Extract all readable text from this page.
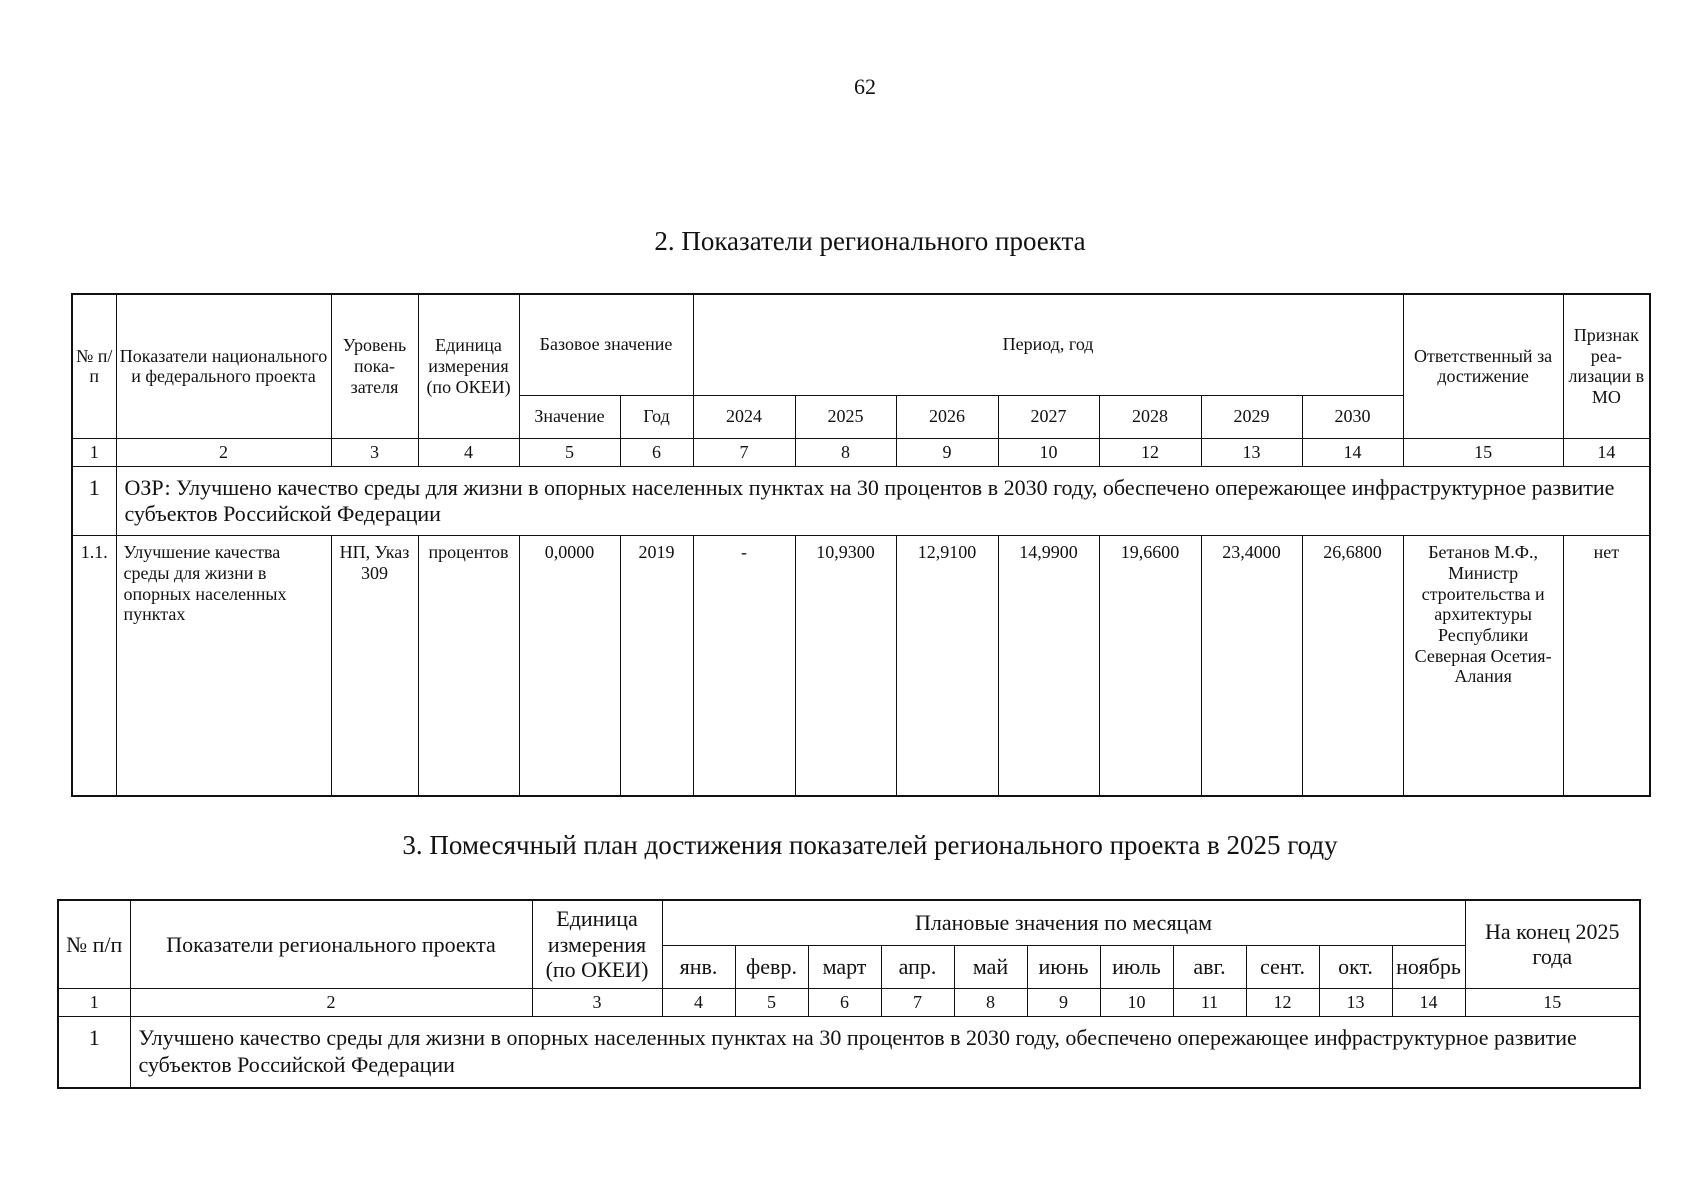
62
2. Показатели регионального проекта
№ п/п	Показатели национального и федерального проекта	Уровень пока-зателя	Единица измерения (по ОКЕИ)	Базовое значение		Период, год							Ответственный за достижение	Признак реа-лизации в МО
				Значение	Год	2024	2025	2026	2027	2028	2029	2030		
1	2	3	4	5	6	7	8	9	10	12	13	14	15	14
1	ОЗР: Улучшено качество среды для жизни в опорных населенных пунктах на 30 процентов в 2030 году, обеспечено опережающее инфраструктурное развитие субъектов Российской Федерации													
1.1.	Улучшение качества среды для жизни в опорных населенных пунктах	НП, Указ 309	процентов	0,0000	2019	-	10,9300	12,9100	14,9900	19,6600	23,4000	26,6800	Бетанов М.Ф., Министр строительства и архитектуры Республики Северная Осетия-Алания	нет
3. Помесячный план достижения показателей регионального проекта в 2025 году
№ п/п	Показатели регионального проекта	Единица измерения (по ОКЕИ)	Плановые значения по месяцам											На конец 2025 года
			янв.	февр.	март	апр.	май	июнь	июль	авг.	сент.	окт.	ноябрь	
1	2	3	4	5	6	7	8	9	10	11	12	13	14	15
1	Улучшено качество среды для жизни в опорных населенных пунктах на 30 процентов в 2030 году, обеспечено опережающее инфраструктурное развитие субъектов Российской Федерации													
